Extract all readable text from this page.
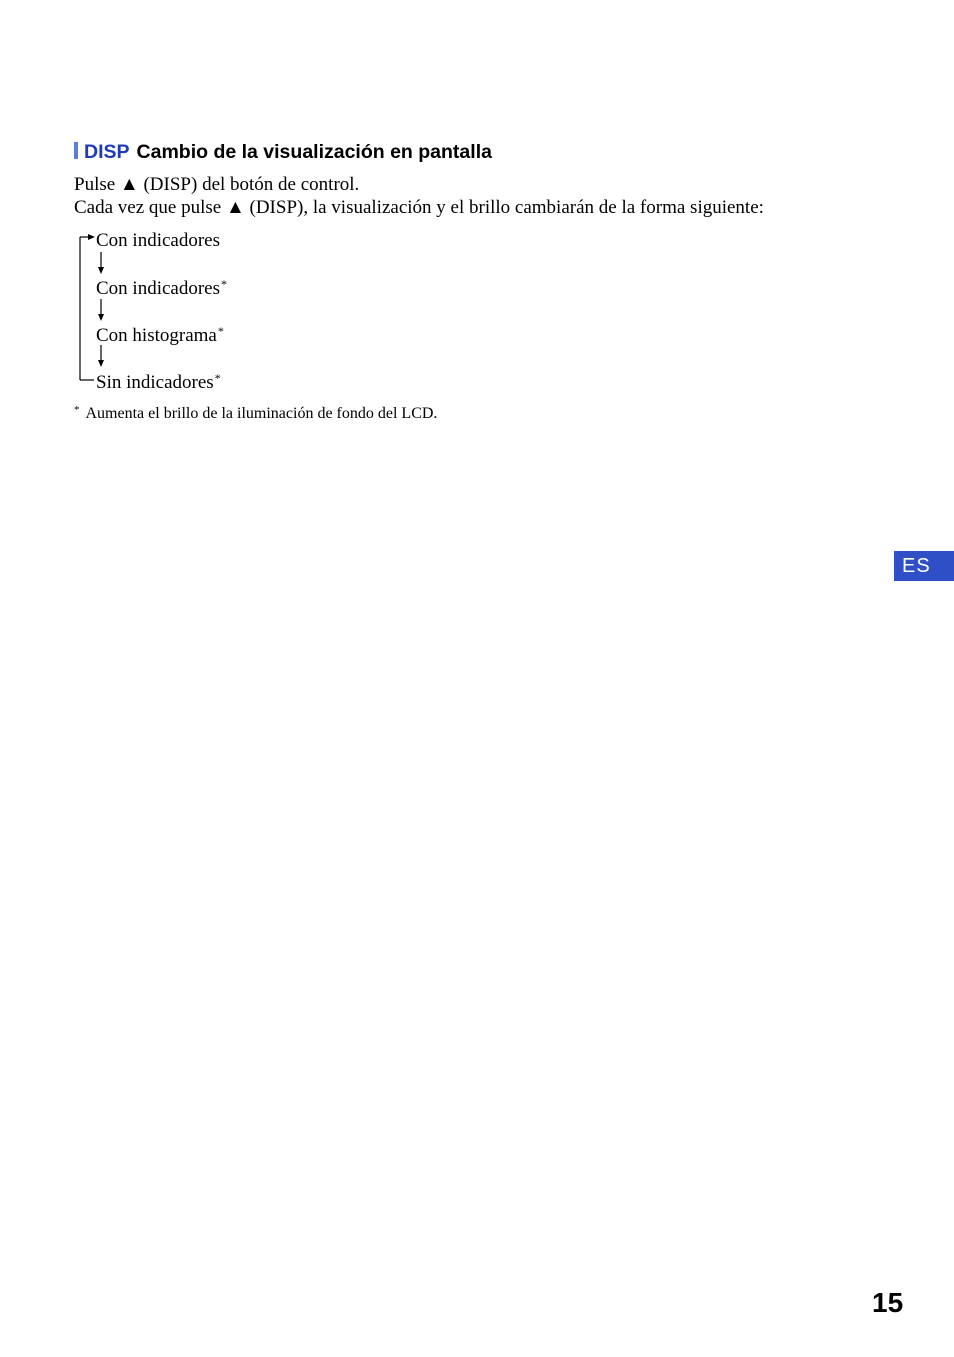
DISP Cambio de la visualización en pantalla
Pulse ▲ (DISP) del botón de control.
Cada vez que pulse ▲ (DISP), la visualización y el brillo cambiarán de la forma siguiente:
Con indicadores
Con indicadores*
Con histograma*
Sin indicadores*
* Aumenta el brillo de la iluminación de fondo del LCD.
ES
15
